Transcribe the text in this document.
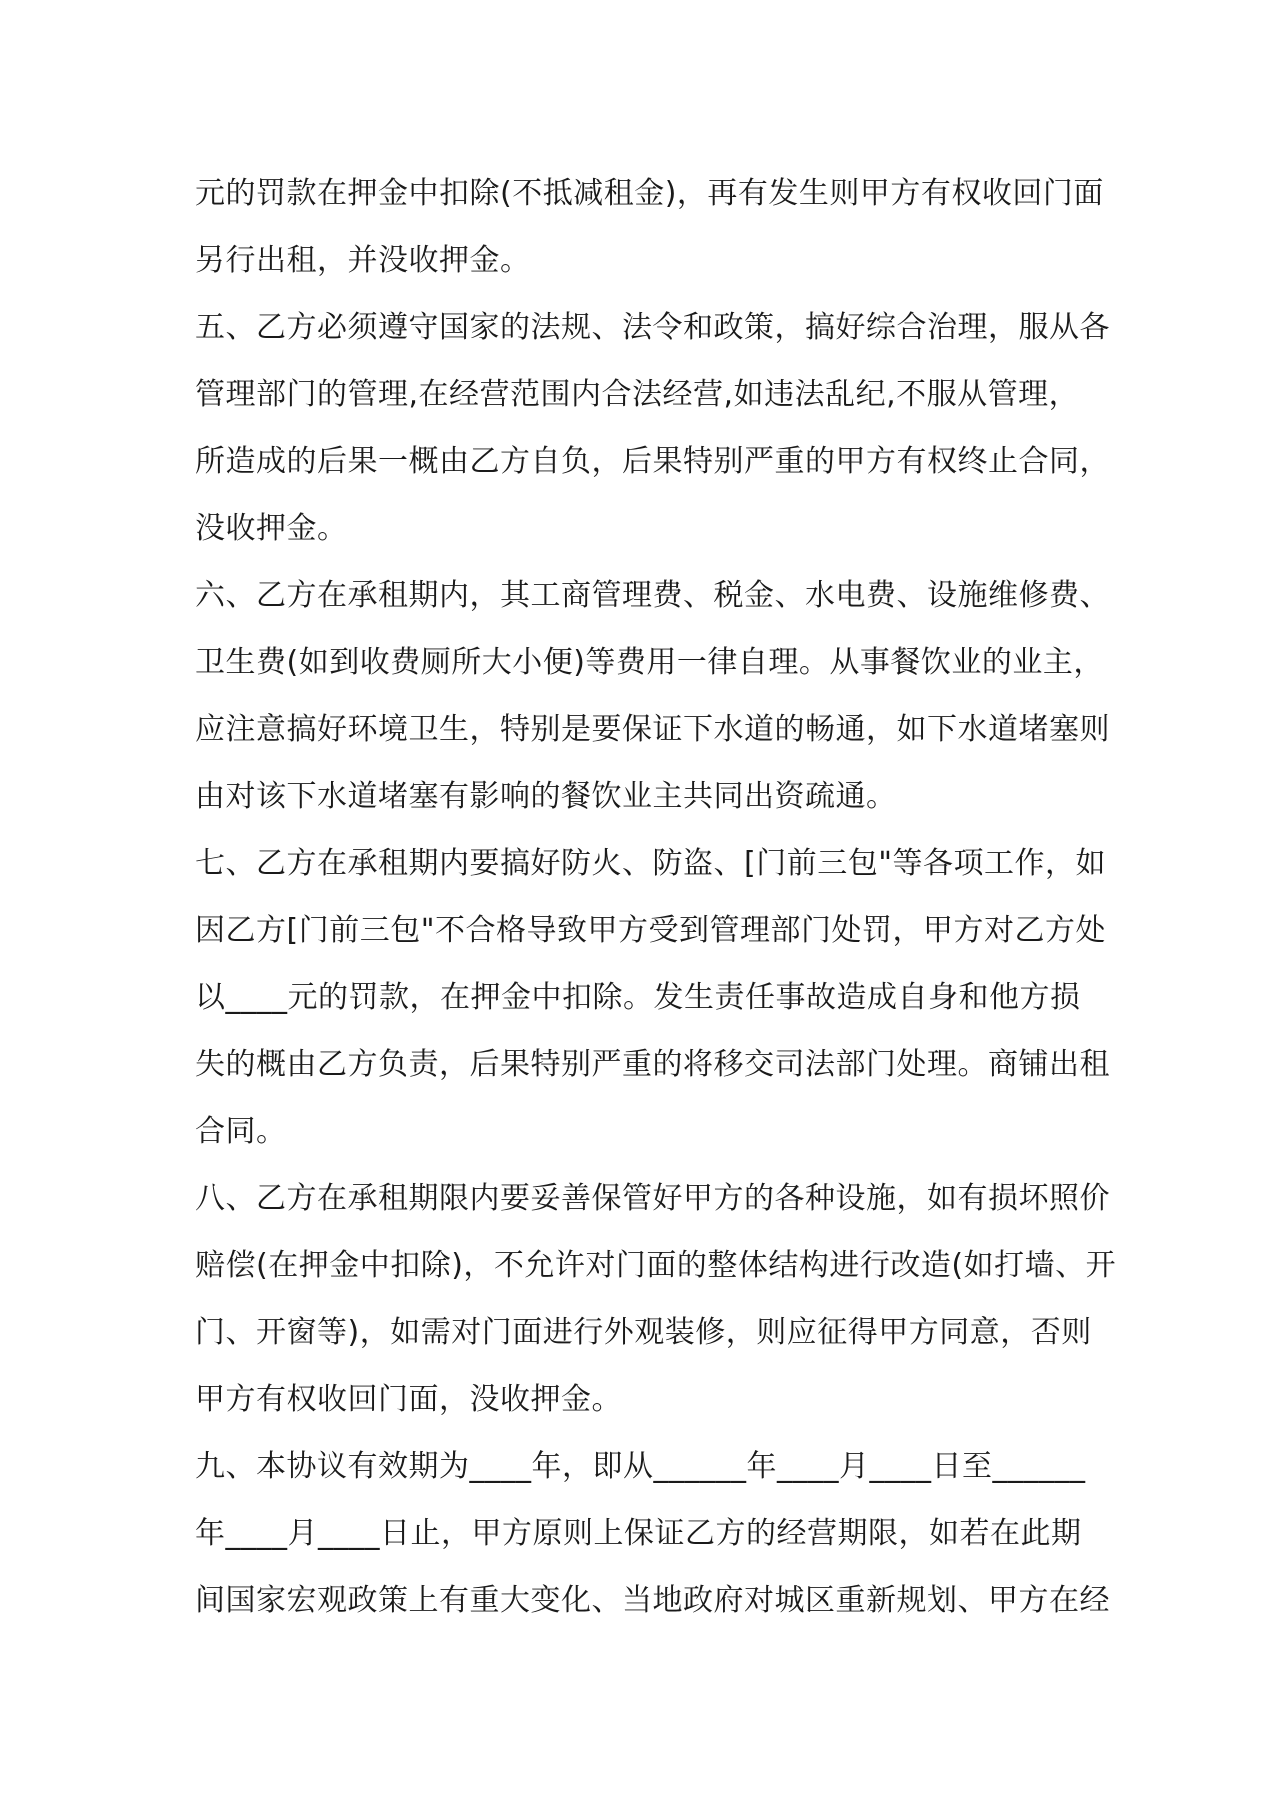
元的罚款在押金中扣除(不抵减租金)，再有发生则甲方有权收回门面
另行出租，并没收押金。
五、乙方必须遵守国家的法规、法令和政策，搞好综合治理，服从各
管理部门的管理,在经营范围内合法经营,如违法乱纪,不服从管理，
所造成的后果一概由乙方自负，后果特别严重的甲方有权终止合同，
没收押金。
六、乙方在承租期内，其工商管理费、税金、水电费、设施维修费、
卫生费(如到收费厕所大小便)等费用一律自理。从事餐饮业的业主，
应注意搞好环境卫生，特别是要保证下水道的畅通，如下水道堵塞则
由对该下水道堵塞有影响的餐饮业主共同出资疏通。
七、乙方在承租期内要搞好防火、防盗、[门前三包"等各项工作，如
因乙方[门前三包"不合格导致甲方受到管理部门处罚，甲方对乙方处
以____元的罚款，在押金中扣除。发生责任事故造成自身和他方损
失的概由乙方负责，后果特别严重的将移交司法部门处理。商铺出租
合同。
八、乙方在承租期限内要妥善保管好甲方的各种设施，如有损坏照价
赔偿(在押金中扣除)，不允许对门面的整体结构进行改造(如打墙、开
门、开窗等)，如需对门面进行外观装修，则应征得甲方同意，否则
甲方有权收回门面，没收押金。
九、本协议有效期为____年，即从______年____月____日至______
年____月____日止，甲方原则上保证乙方的经营期限，如若在此期
间国家宏观政策上有重大变化、当地政府对城区重新规划、甲方在经
